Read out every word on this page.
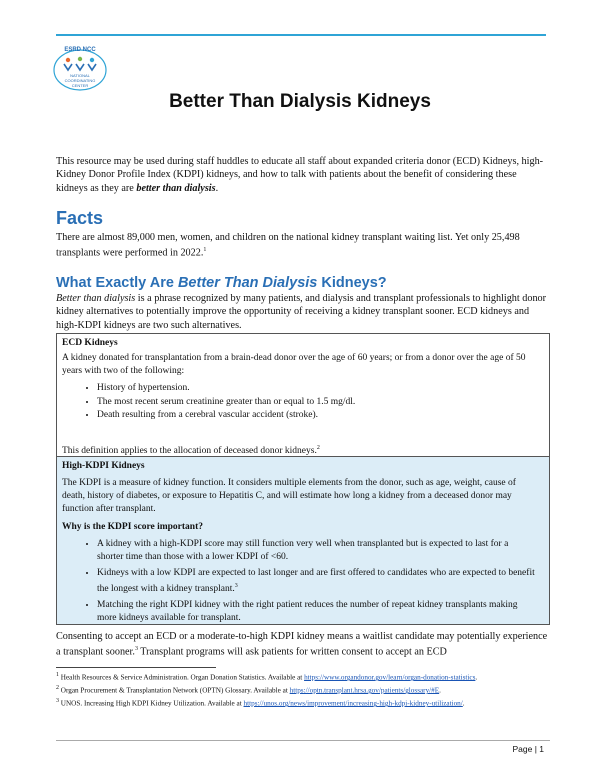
ESRD NCC
NATIONAL
COORDINATING
CENTER
Better Than Dialysis Kidneys

This resource may be used during staff huddles to educate all staff about expanded criteria donor (ECD) Kidneys, high-Kidney Donor Profile Index (KDPI) kidneys, and how to talk with patients about the benefit of considering these kidneys as they are better than dialysis.

Facts

There are almost 89,000 men, women, and children on the national kidney transplant waiting list. Yet only 25,498 transplants were performed in 2022.$^1$

What Exactly Are Better Than Dialysis Kidneys?

Better than dialysis is a phrase recognized by many patients, and dialysis and transplant professionals to highlight donor kidney alternatives to potentially improve the opportunity of receiving a kidney transplant sooner. ECD kidneys and high-KDPI kidneys are two such alternatives.

ECD Kidneys
A kidney donated for transplantation from a brain-dead donor over the age of 60 years; or from a donor over the age of 50 years with two of the following:
• History of hypertension.
• The most recent serum creatinine greater than or equal to 1.5 mg/dl.
• Death resulting from a cerebral vascular accident (stroke).
This definition applies to the allocation of deceased donor kidneys.$^2$
High-KDPI Kidneys
The KDPI is a measure of kidney function. It considers multiple elements from the donor, such as age, weight, cause of death, history of diabetes, or exposure to Hepatitis C, and will estimate how long a kidney from a deceased donor may function after transplant.
Why is the KDPI score important?
• A kidney with a high-KDPI score may still function very well when transplanted but is expected to last for a shorter time than those with a lower KDPI of <60.
• Kidneys with a low KDPI are expected to last longer and are first offered to candidates who are expected to benefit the longest with a kidney transplant.$^3$
• Matching the right KDPI kidney with the right patient reduces the number of repeat kidney transplants making more kidneys available for transplant.

Consenting to accept an ECD or a moderate-to-high KDPI kidney means a waitlist candidate may potentially experience a transplant sooner.$^3$ Transplant programs will ask patients for written consent to accept an ECD

$^1$ Health Resources & Service Administration. Organ Donation Statistics. Available at https://www.organdonor.gov/learn/organ-donation-statistics.
$^2$ Organ Procurement & Transplantation Network (OPTN) Glossary. Available at https://optn.transplant.hrsa.gov/patients/glossary/#E.
$^3$ UNOS. Increasing High KDPI Kidney Utilization. Available at https://unos.org/news/improvement/increasing-high-kdpi-kidney-utilization/.
Page | 1
